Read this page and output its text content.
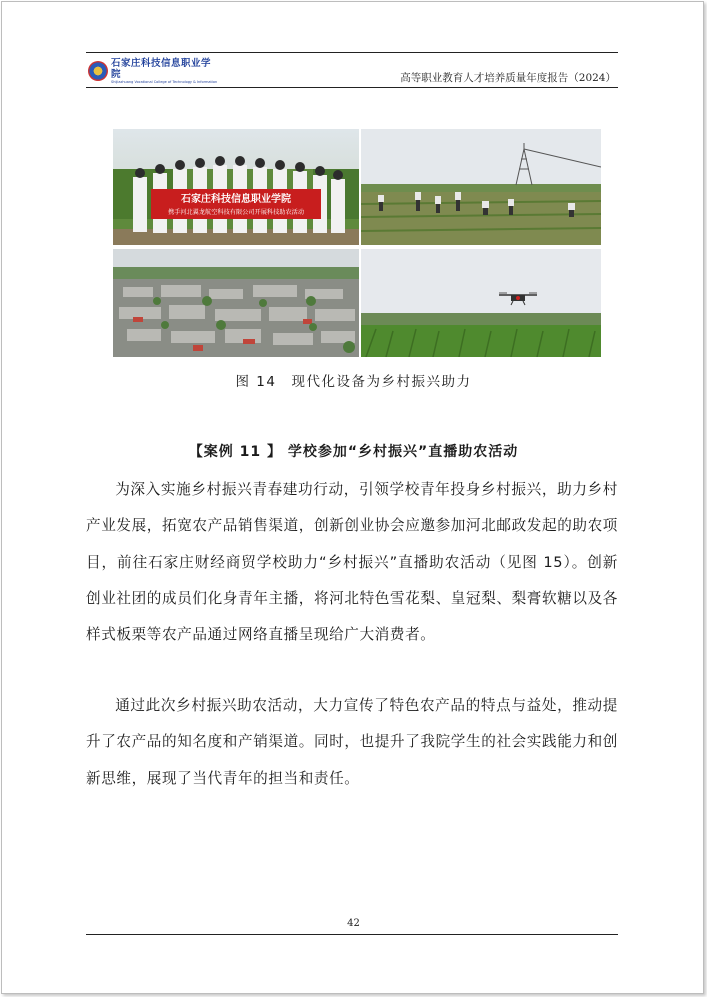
石家庄科技信息职业学院
Shijiazhuang Vocational College of Technology & Information	高等职业教育人才培养质量年度报告（2024）
石家庄科技信息职业学院
携手河北翼龙航空科技有限公司开展科技助农活动
图 14　现代化设备为乡村振兴助力
【案例 11 】 学校参加“乡村振兴”直播助农活动

为深入实施乡村振兴青春建功行动，引领学校青年投身乡村振兴，助力乡村产业发展，拓宽农产品销售渠道，创新创业协会应邀参加河北邮政发起的助农项目，前往石家庄财经商贸学校助力“乡村振兴”直播助农活动（见图 15）。创新创业社团的成员们化身青年主播，将河北特色雪花梨、皇冠梨、梨膏软糖以及各样式板栗等农产品通过网络直播呈现给广大消费者。

通过此次乡村振兴助农活动，大力宣传了特色农产品的特点与益处，推动提升了农产品的知名度和产销渠道。同时，也提升了我院学生的社会实践能力和创新思维，展现了当代青年的担当和责任。

42
